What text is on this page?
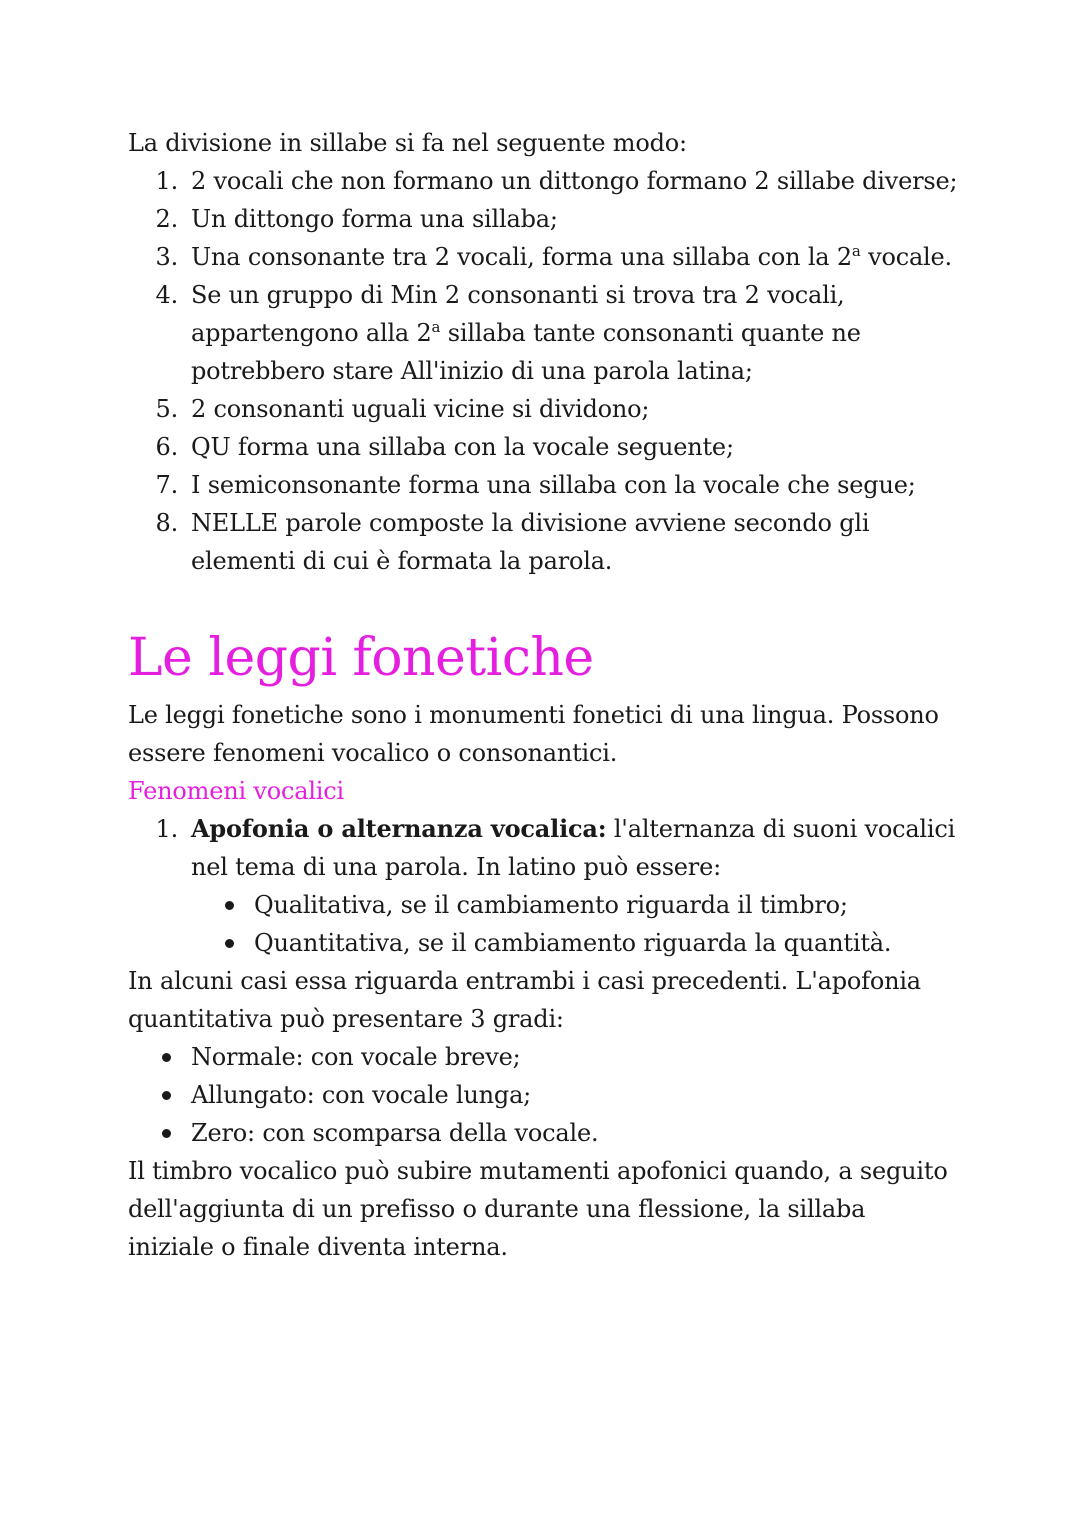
La divisione in sillabe si fa nel seguente modo:

1. 2 vocali che non formano un dittongo formano 2 sillabe diverse;
2. Un dittongo forma una sillaba;
3. Una consonante tra 2 vocali, forma una sillaba con la 2$^a$ vocale.
4. Se un gruppo di Min 2 consonanti si trova tra 2 vocali, appartengono alla 2$^a$ sillaba tante consonanti quante ne potrebbero stare All'inizio di una parola latina;
5. 2 consonanti uguali vicine si dividono;
6. QU forma una sillaba con la vocale seguente;
7. I semiconsonante forma una sillaba con la vocale che segue;
8. NELLE parole composte la divisione avviene secondo gli elementi di cui è formata la parola.
Le leggi fonetiche

Le leggi fonetiche sono i monumenti fonetici di una lingua. Possono essere fenomeni vocalico o consonantici.

Fenomeni vocalici

1. Apofonia o alternanza vocalica: l'alternanza di suoni vocalici nel tema di una parola. In latino può essere:
Qualitativa, se il cambiamento riguarda il timbro;
Quantitativa, se il cambiamento riguarda la quantità.

In alcuni casi essa riguarda entrambi i casi precedenti. L'apofonia quantitativa può presentare 3 gradi:

Normale: con vocale breve;
Allungato: con vocale lunga;
Zero: con scomparsa della vocale.

Il timbro vocalico può subire mutamenti apofonici quando, a seguito dell'aggiunta di un prefisso o durante una flessione, la sillaba iniziale o finale diventa interna.
